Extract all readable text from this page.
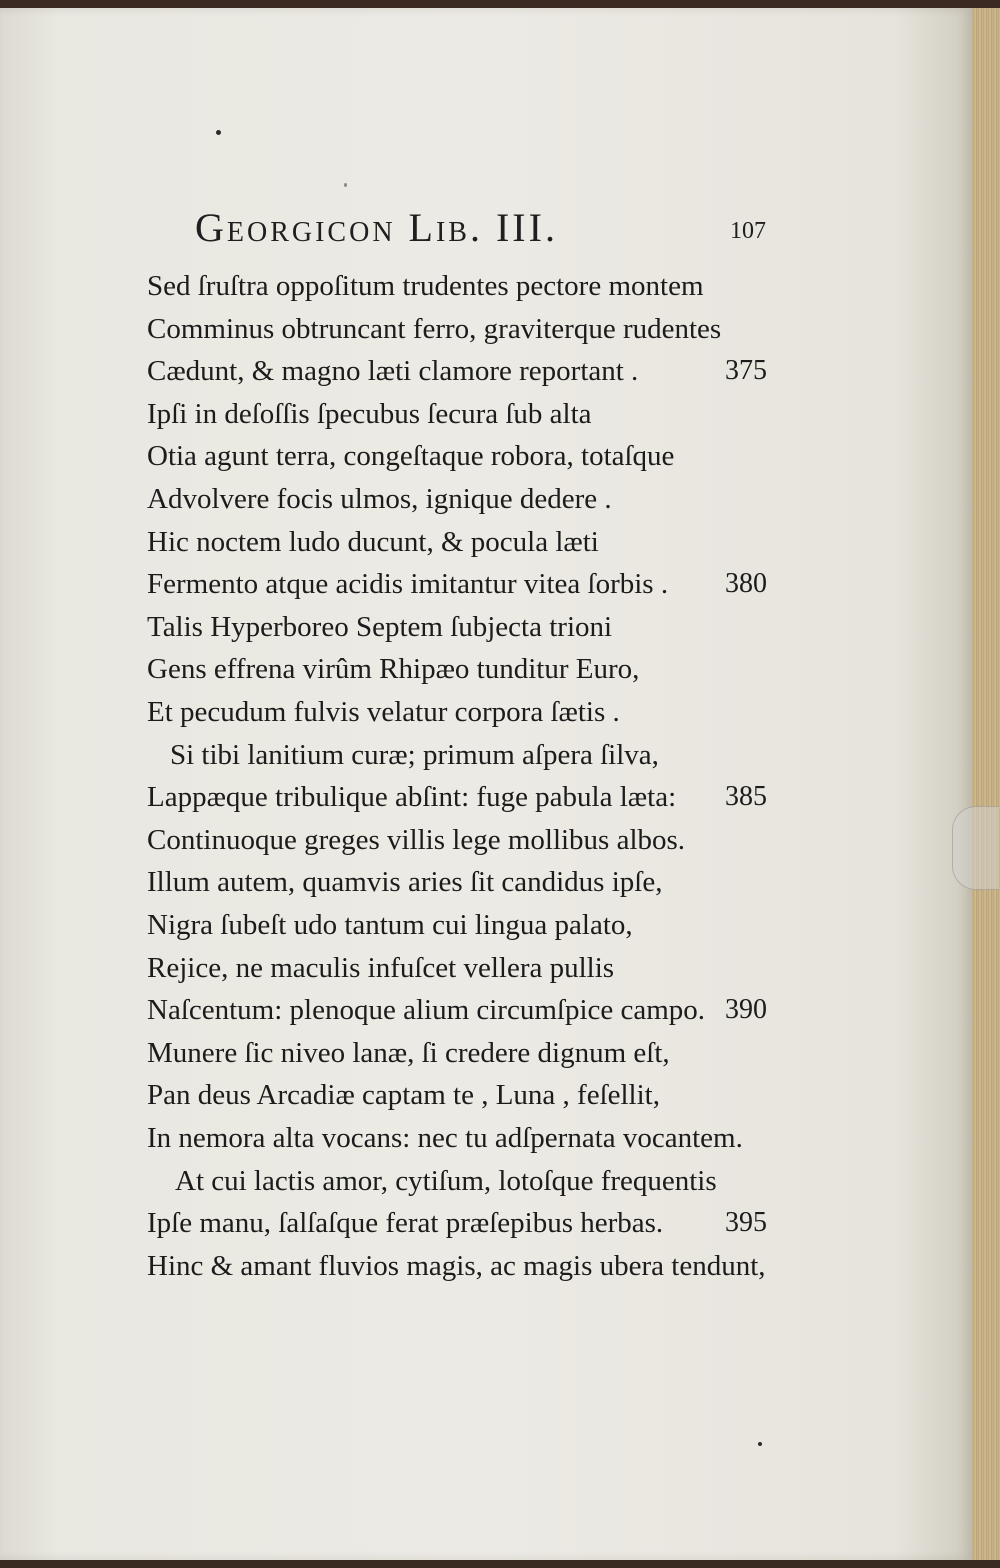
Georgicon Lib. III.	107
Sed ſruſtra oppoſitum trudentes pectore montem
Comminus obtruncant ferro, graviterque rudentes
Cædunt, & magno læti clamore reportant .	375
Ipſi in deſoſſis ſpecubus ſecura ſub alta
Otia agunt terra, congeſtaque robora, totaſque
Advolvere focis ulmos, ignique dedere .
Hic noctem ludo ducunt, & pocula læti
Fermento atque acidis imitantur vitea ſorbis . 380
Talis Hyperboreo Septem ſubjecta trioni
Gens effrena virûm Rhipæo tunditur Euro,
Et pecudum fulvis velatur corpora ſætis .
Si tibi lanitium curæ; primum aſpera ſilva,
Lappæque tribulique abſint: fuge pabula læta: 385
Continuoque greges villis lege mollibus albos.
Illum autem, quamvis aries ſit candidus ipſe,
Nigra ſubeſt udo tantum cui lingua palato,
Rejice, ne maculis infuſcet vellera pullis
Naſcentum: plenoque alium circumſpice campo. 390
Munere ſic niveo lanæ, ſi credere dignum eſt,
Pan deus Arcadiæ captam te , Luna , feſellit,
In nemora alta vocans: nec tu adſpernata vocantem.
At cui lactis amor, cytiſum, lotoſque frequentis
Ipſe manu, ſalſaſque ferat præſepibus herbas. 395
Hinc & amant fluvios magis, ac magis ubera tendunt,
